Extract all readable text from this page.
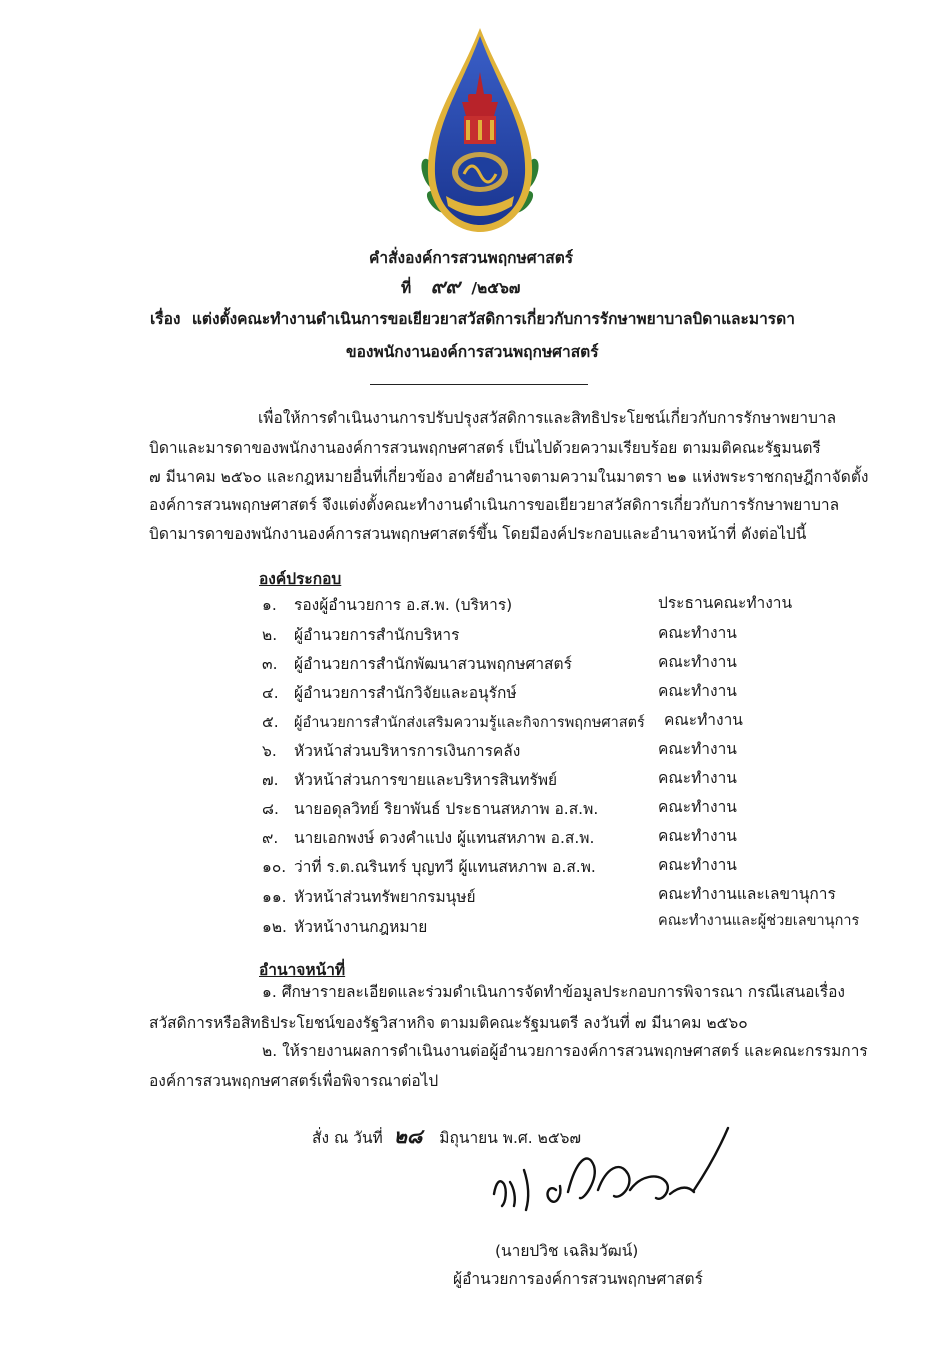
คำสั่งองค์การสวนพฤกษศาสตร์
ที่ ๙๙ /๒๕๖๗
เรื่อง แต่งตั้งคณะทำงานดำเนินการขอเยียวยาสวัสดิการเกี่ยวกับการรักษาพยาบาลบิดาและมารดา
ของพนักงานองค์การสวนพฤกษศาสตร์
เพื่อให้การดำเนินงานการปรับปรุงสวัสดิการและสิทธิประโยชน์เกี่ยวกับการรักษาพยาบาล
บิดาและมารดาของพนักงานองค์การสวนพฤกษศาสตร์ เป็นไปด้วยความเรียบร้อย ตามมติคณะรัฐมนตรี
๗ มีนาคม ๒๕๖๐ และกฎหมายอื่นที่เกี่ยวข้อง อาศัยอำนาจตามความในมาตรา ๒๑ แห่งพระราชกฤษฎีกาจัดตั้ง
องค์การสวนพฤกษศาสตร์ จึงแต่งตั้งคณะทำงานดำเนินการขอเยียวยาสวัสดิการเกี่ยวกับการรักษาพยาบาล
บิดามารดาของพนักงานองค์การสวนพฤกษศาสตร์ขึ้น โดยมีองค์ประกอบและอำนาจหน้าที่ ดังต่อไปนี้
องค์ประกอบ
๑. รองผู้อำนวยการ อ.ส.พ. (บริหาร)	ประธานคณะทำงาน
๒. ผู้อำนวยการสำนักบริหาร	คณะทำงาน
๓. ผู้อำนวยการสำนักพัฒนาสวนพฤกษศาสตร์	คณะทำงาน
๔. ผู้อำนวยการสำนักวิจัยและอนุรักษ์	คณะทำงาน
๕. ผู้อำนวยการสำนักส่งเสริมความรู้และกิจการพฤกษศาสตร์ คณะทำงาน
๖. หัวหน้าส่วนบริหารการเงินการคลัง	คณะทำงาน
๗. หัวหน้าส่วนการขายและบริหารสินทรัพย์	คณะทำงาน
๘. นายอดุลวิทย์ ริยาพันธ์ ประธานสหภาพ อ.ส.พ.	คณะทำงาน
๙. นายเอกพงษ์ ดวงคำแปง ผู้แทนสหภาพ อ.ส.พ.	คณะทำงาน
๑๐. ว่าที่ ร.ต.ณรินทร์ บุญทวี ผู้แทนสหภาพ อ.ส.พ.	คณะทำงาน
๑๑. หัวหน้าส่วนทรัพยากรมนุษย์	คณะทำงานและเลขานุการ
๑๒. หัวหน้างานกฎหมาย	คณะทำงานและผู้ช่วยเลขานุการ
อำนาจหน้าที่
๑. ศึกษารายละเอียดและร่วมดำเนินการจัดทำข้อมูลประกอบการพิจารณา กรณีเสนอเรื่อง
สวัสดิการหรือสิทธิประโยชน์ของรัฐวิสาหกิจ ตามมติคณะรัฐมนตรี ลงวันที่ ๗ มีนาคม ๒๕๖๐
๒. ให้รายงานผลการดำเนินงานต่อผู้อำนวยการองค์การสวนพฤกษศาสตร์ และคณะกรรมการ
องค์การสวนพฤกษศาสตร์เพื่อพิจารณาต่อไป
สั่ง ณ วันที่ ๒๘ มิถุนายน พ.ศ. ๒๕๖๗
(นายปวิช เฉลิมวัฒน์)
ผู้อำนวยการองค์การสวนพฤกษศาสตร์
